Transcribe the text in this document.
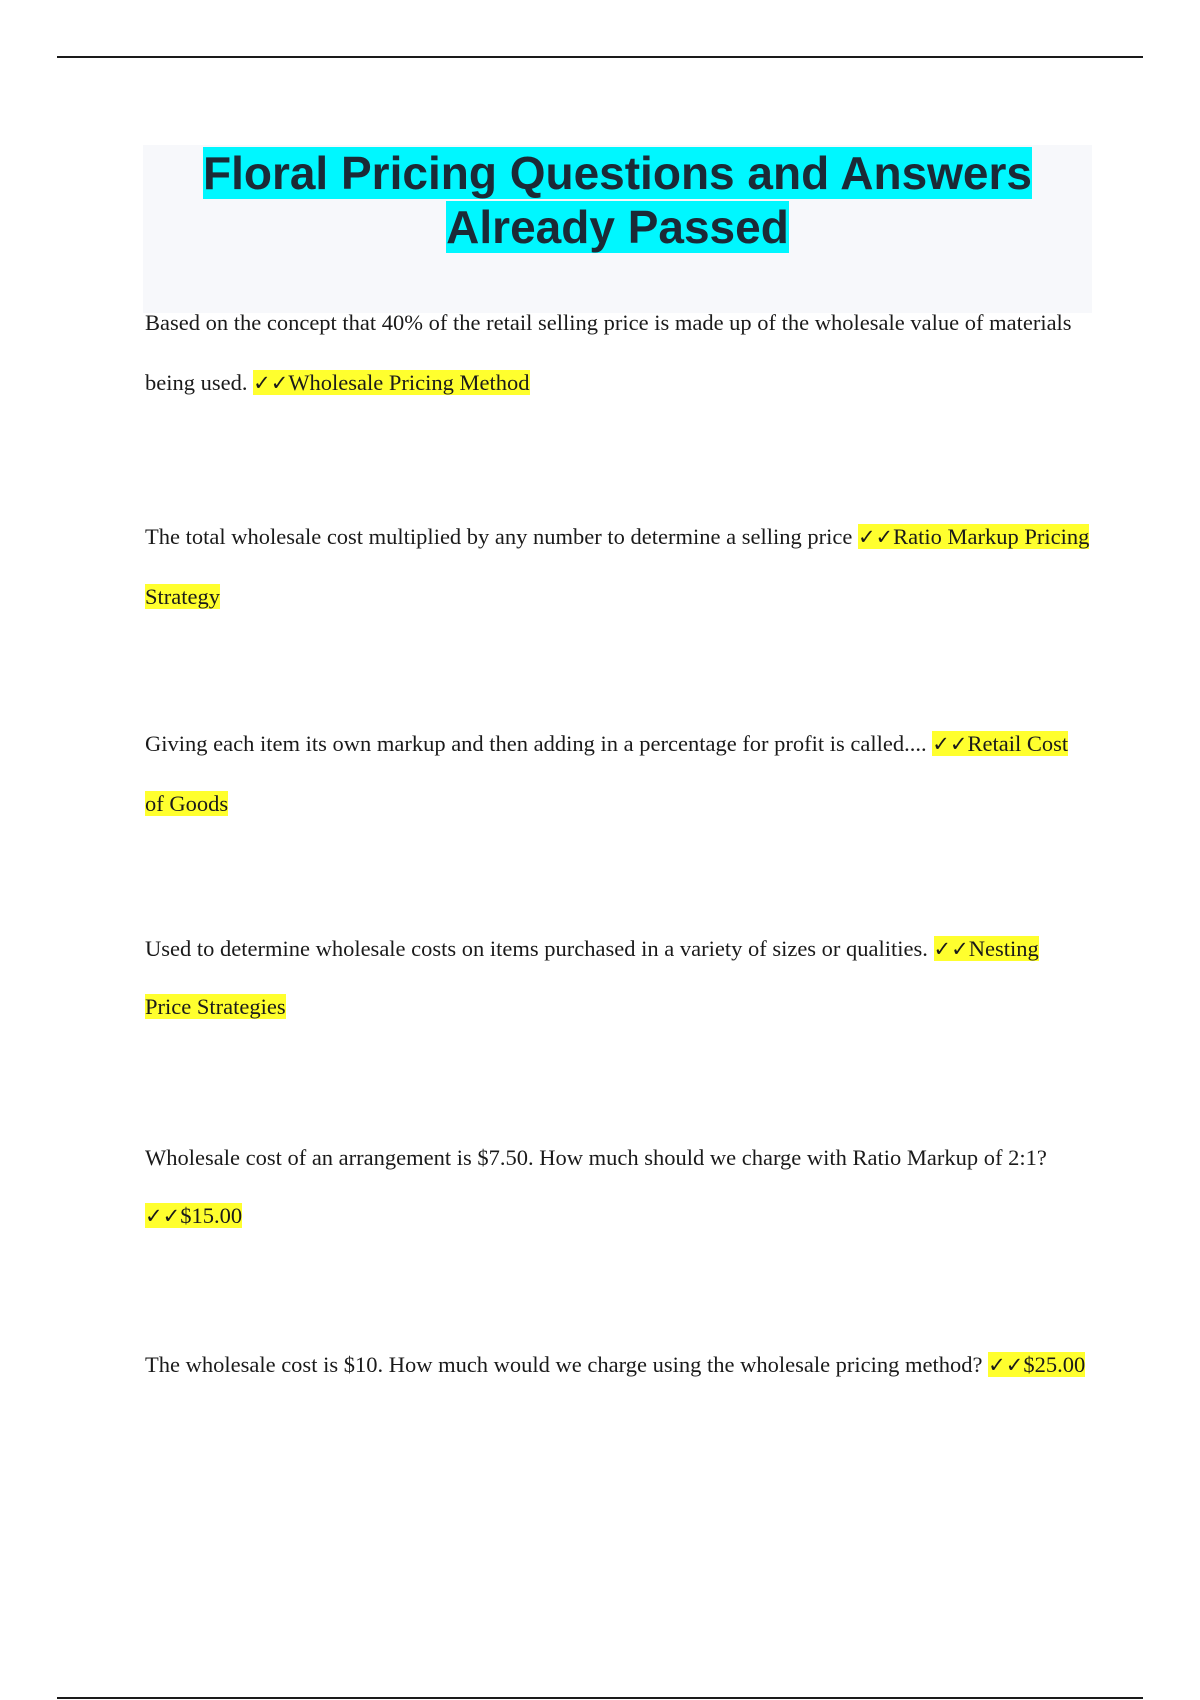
Floral Pricing Questions and Answers
Already Passed
Based on the concept that 40% of the retail selling price is made up of the wholesale value of materials being used. ✓✓Wholesale Pricing Method
The total wholesale cost multiplied by any number to determine a selling price ✓✓Ratio Markup Pricing Strategy
Giving each item its own markup and then adding in a percentage for profit is called.... ✓✓Retail Cost of Goods
Used to determine wholesale costs on items purchased in a variety of sizes or qualities. ✓✓Nesting Price Strategies
Wholesale cost of an arrangement is $7.50. How much should we charge with Ratio Markup of 2:1? ✓✓$15.00
The wholesale cost is $10. How much would we charge using the wholesale pricing method? ✓✓$25.00
